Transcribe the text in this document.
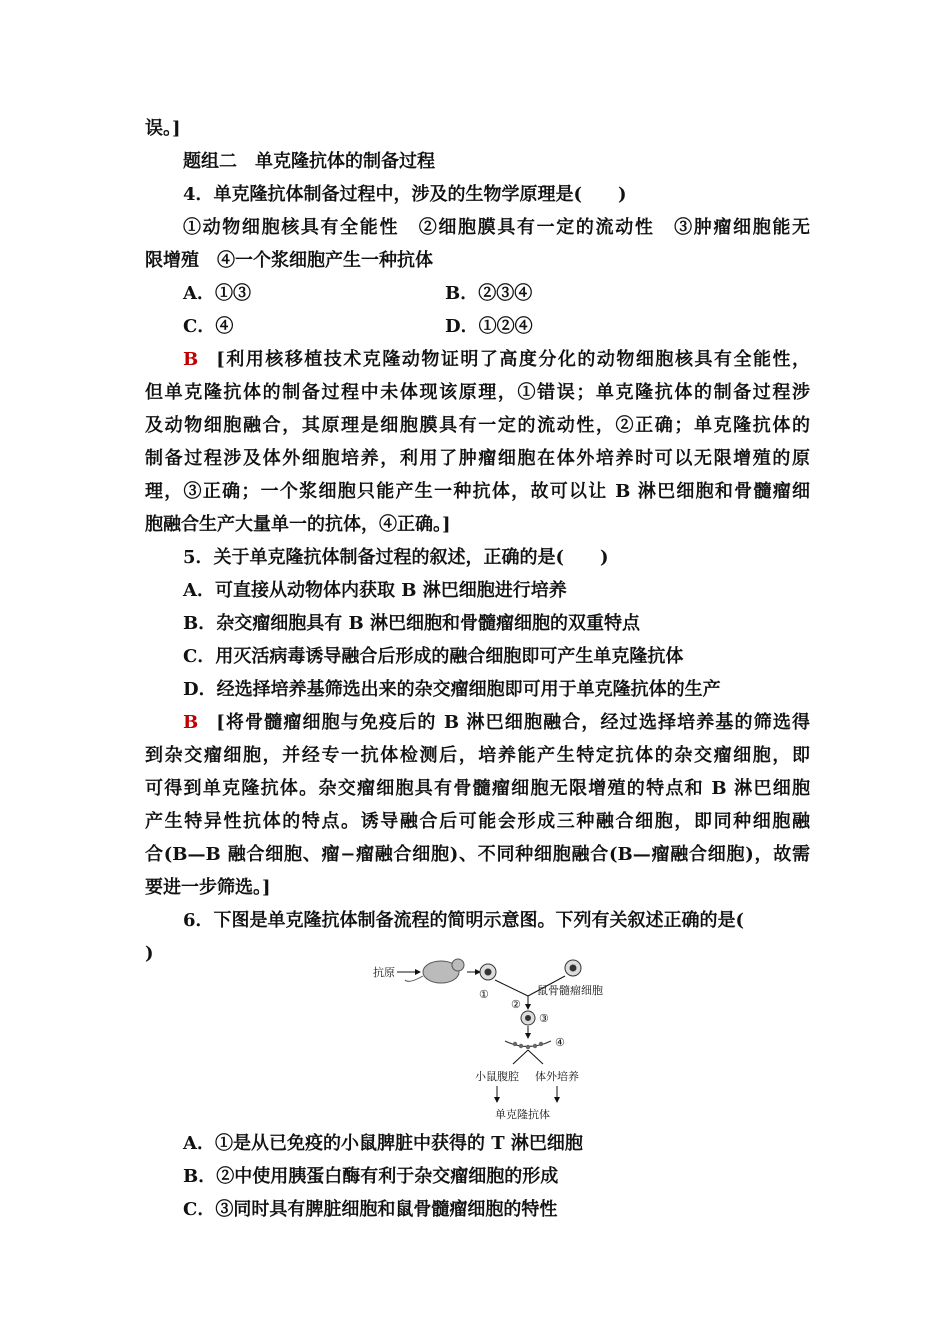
误。]
题组二　单克隆抗体的制备过程
4．单克隆抗体制备过程中，涉及的生物学原理是(　　)
①动物细胞核具有全能性　②细胞膜具有一定的流动性　③肿瘤细胞能无
限增殖　④一个浆细胞产生一种抗体
A．①③	B．②③④
C．④	D．①②④
B [利用核移植技术克隆动物证明了高度分化的动物细胞核具有全能性，
但单克隆抗体的制备过程中未体现该原理，①错误；单克隆抗体的制备过程涉
及动物细胞融合，其原理是细胞膜具有一定的流动性，②正确；单克隆抗体的
制备过程涉及体外细胞培养，利用了肿瘤细胞在体外培养时可以无限增殖的原
理，③正确；一个浆细胞只能产生一种抗体，故可以让 B 淋巴细胞和骨髓瘤细
胞融合生产大量单一的抗体，④正确。]
5．关于单克隆抗体制备过程的叙述，正确的是(　　)
A．可直接从动物体内获取 B 淋巴细胞进行培养
B．杂交瘤细胞具有 B 淋巴细胞和骨髓瘤细胞的双重特点
C．用灭活病毒诱导融合后形成的融合细胞即可产生单克隆抗体
D．经选择培养基筛选出来的杂交瘤细胞即可用于单克隆抗体的生产
B [将骨髓瘤细胞与免疫后的 B 淋巴细胞融合，经过选择培养基的筛选得
到杂交瘤细胞，并经专一抗体检测后，培养能产生特定抗体的杂交瘤细胞，即
可得到单克隆抗体。杂交瘤细胞具有骨髓瘤细胞无限增殖的特点和 B 淋巴细胞
产生特异性抗体的特点。诱导融合后可能会形成三种融合细胞，即同种细胞融
合(B—B 融合细胞、瘤−瘤融合细胞)、不同种细胞融合(B—瘤融合细胞)，故需
要进一步筛选。]
6．下图是单克隆抗体制备流程的简明示意图。下列有关叙述正确的是(
)
抗原
①	鼠骨髓瘤细胞
②
③
④
小鼠腹腔 体外培养
单克隆抗体
A．①是从已免疫的小鼠脾脏中获得的 T 淋巴细胞
B．②中使用胰蛋白酶有利于杂交瘤细胞的形成
C．③同时具有脾脏细胞和鼠骨髓瘤细胞的特性
